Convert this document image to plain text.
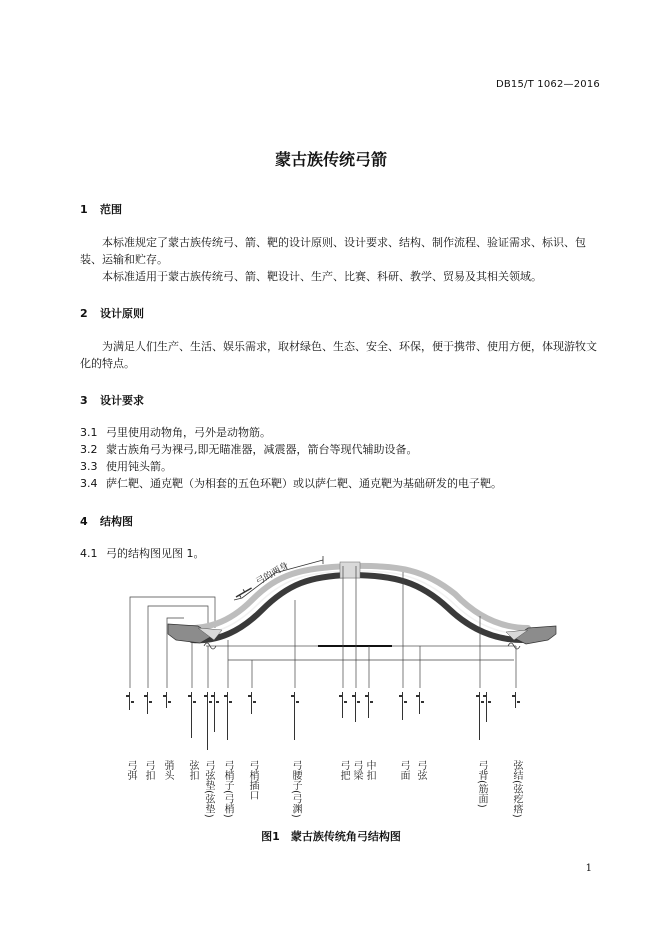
DB15/T 1062—2016
蒙古族传统弓箭
1 范围
本标准规定了蒙古族传统弓、箭、靶的设计原则、设计要求、结构、制作流程、验证需求、标识、包装、运输和贮存。
本标准适用于蒙古族传统弓、箭、靶设计、生产、比赛、科研、教学、贸易及其相关领域。
2 设计原则
为满足人们生产、生活、娱乐需求，取材绿色、生态、安全、环保，便于携带、使用方便，体现游牧文化的特点。
3 设计要求
3.1 弓里使用动物角，弓外是动物筋。
3.2 蒙古族角弓为裸弓,即无瞄准器，减震器，箭台等现代辅助设备。
3.3 使用钝头箭。
3.4 萨仁靶、通克靶（为相套的五色环靶）或以萨仁靶、通克靶为基础研发的电子靶。
4 结构图
4.1 弓的结构图见图 1。
弓的两身
弓弭 弓扣 弰头 弦扣 弓弦垫(弦垫) 弓梢子(弓梢) 弓梢插口	弓腰子(弓渊)	弓把 弓梁 中扣 弓面 弓弦	弓背(筋面) 弦结(弦疙瘩)
图1　蒙古族传统角弓结构图
1
